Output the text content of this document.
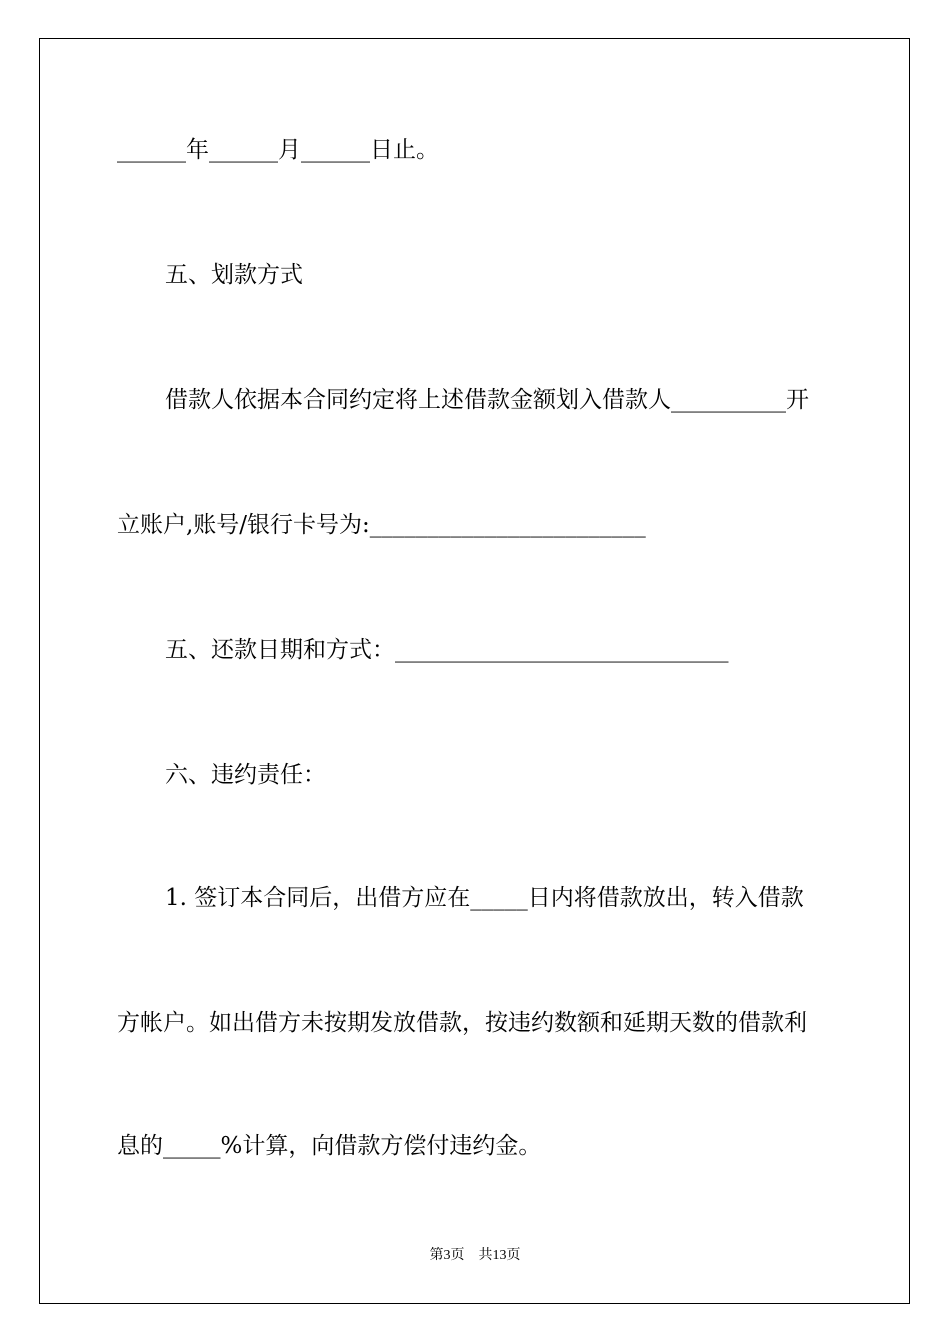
______年______月______日止。
五、划款方式
借款人依据本合同约定将上述借款金额划入借款人__________开
立账户,账号/银行卡号为:________________________
五、还款日期和方式：_____________________________
六、违约责任：
1. 签订本合同后，出借方应在_____日内将借款放出，转入借款
方帐户。如出借方未按期发放借款，按违约数额和延期天数的借款利
息的_____%计算，向借款方偿付违约金。
第3页　共13页
